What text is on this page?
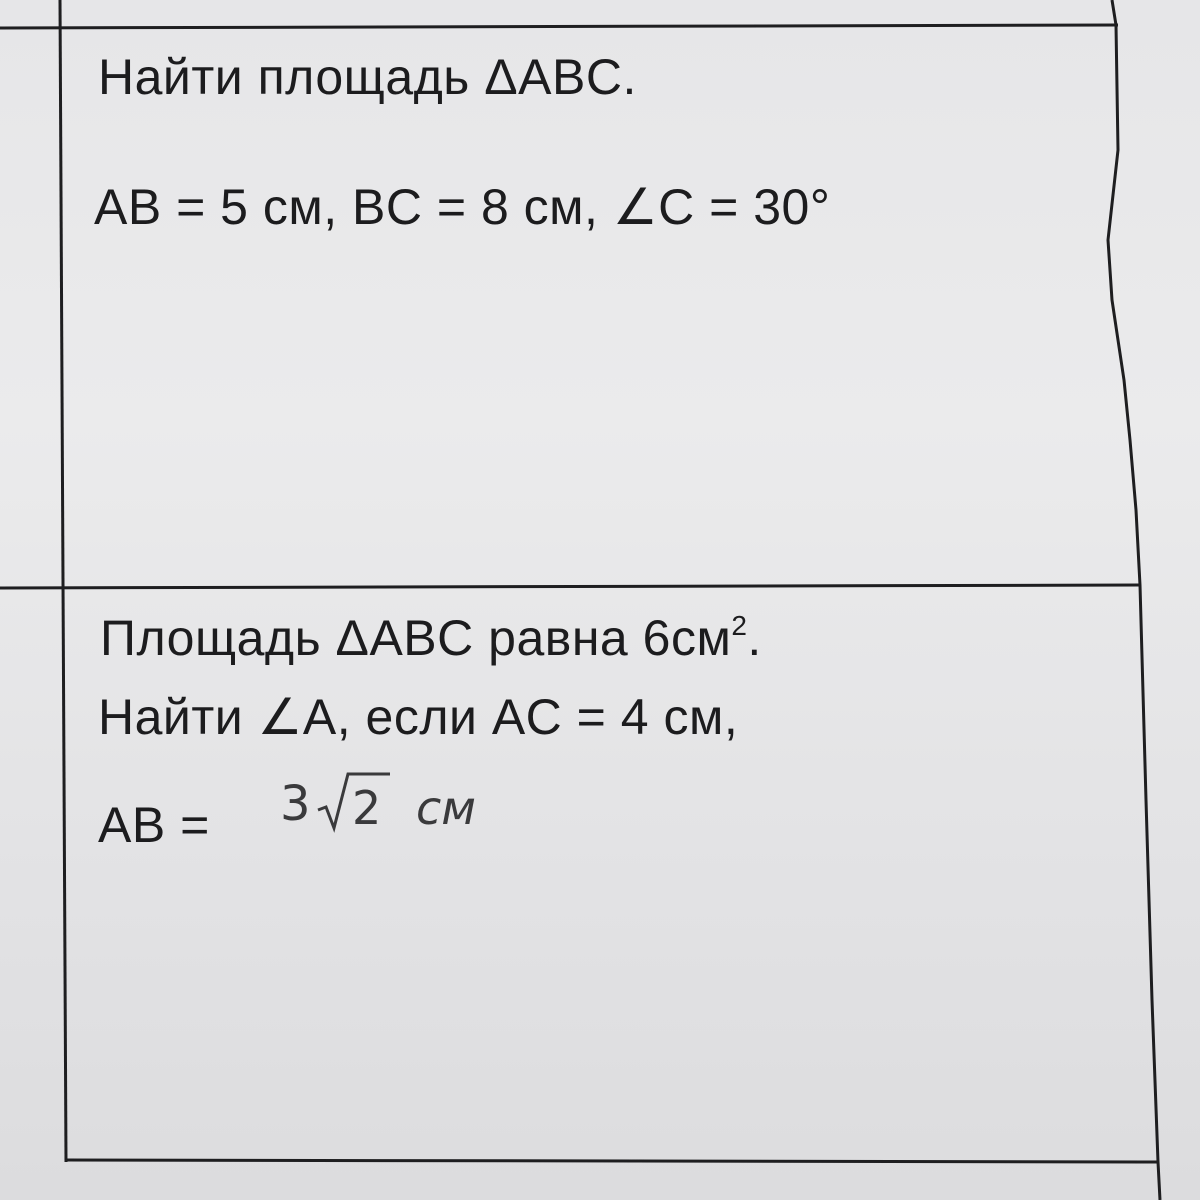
Найти площадь ΔABC.
AB = 5 см, BC = 8 см, ∠C = 30°
Площадь ΔABC равна $6см^2$.
Найти ∠A, если AC = 4 см,
AB = 3 2 см
